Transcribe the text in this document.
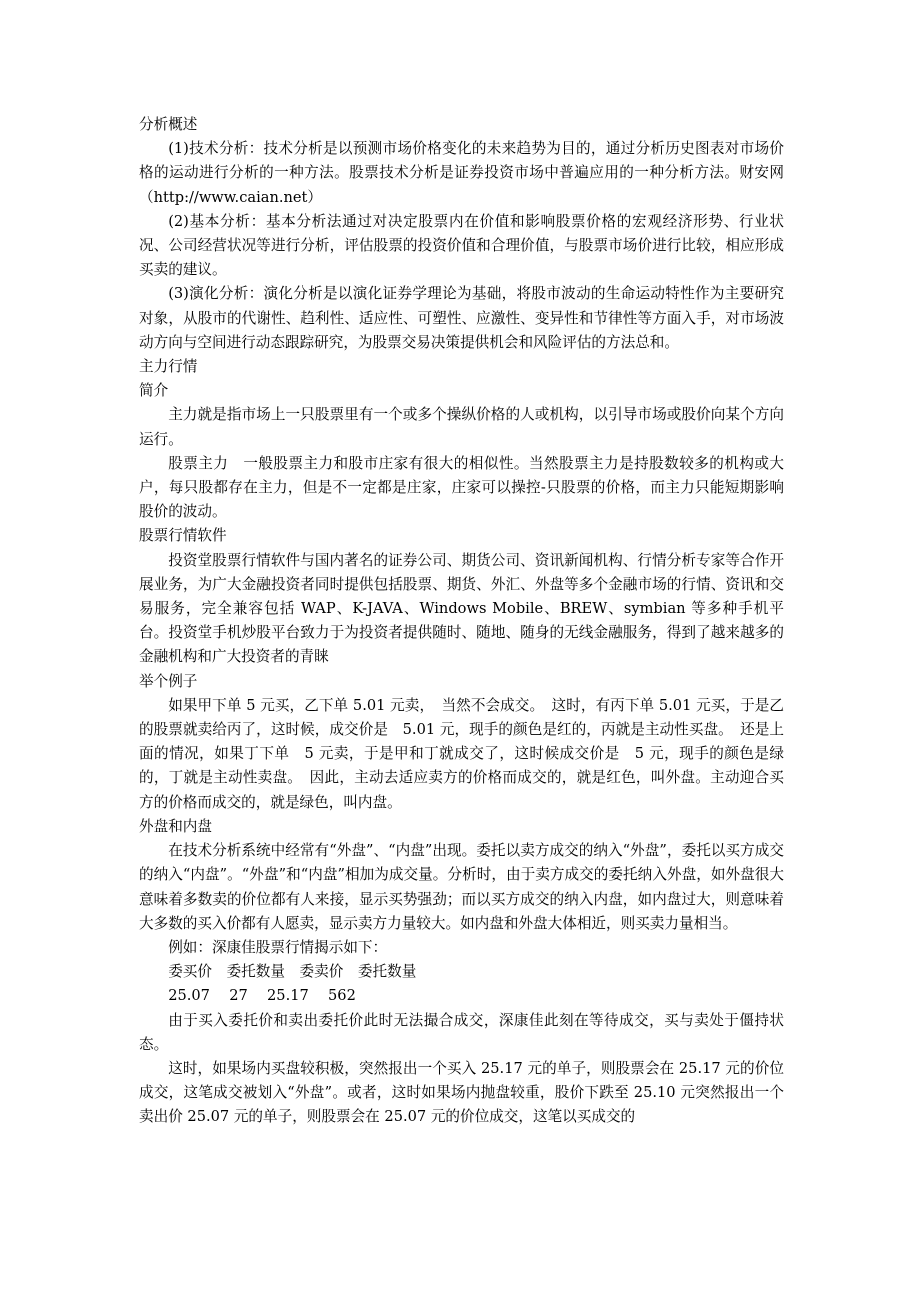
分析概述

(1)技术分析：技术分析是以预测市场价格变化的未来趋势为目的，通过分析历史图表对市场价格的运动进行分析的一种方法。股票技术分析是证券投资市场中普遍应用的一种分析方法。财安网（http://www.caian.net）

(2)基本分析：基本分析法通过对决定股票内在价值和影响股票价格的宏观经济形势、行业状况、公司经营状况等进行分析，评估股票的投资价值和合理价值，与股票市场价进行比较，相应形成买卖的建议。

(3)演化分析：演化分析是以演化证券学理论为基础，将股市波动的生命运动特性作为主要研究对象，从股市的代谢性、趋利性、适应性、可塑性、应激性、变异性和节律性等方面入手，对市场波动方向与空间进行动态跟踪研究，为股票交易决策提供机会和风险评估的方法总和。

主力行情
简介

主力就是指市场上一只股票里有一个或多个操纵价格的人或机构，以引导市场或股价向某个方向运行。

股票主力　一般股票主力和股市庄家有很大的相似性。当然股票主力是持股数较多的机构或大户，每只股都存在主力，但是不一定都是庄家，庄家可以操控-只股票的价格，而主力只能短期影响股价的波动。

股票行情软件

投资堂股票行情软件与国内著名的证券公司、期货公司、资讯新闻机构、行情分析专家等合作开展业务，为广大金融投资者同时提供包括股票、期货、外汇、外盘等多个金融市场的行情、资讯和交易服务，完全兼容包括 WAP、K-JAVA、Windows Mobile、BREW、symbian 等多种手机平台。投资堂手机炒股平台致力于为投资者提供随时、随地、随身的无线金融服务，得到了越来越多的金融机构和广大投资者的青睐

举个例子

如果甲下单 5 元买，乙下单 5.01 元卖，　当然不会成交。　这时，有丙下单 5.01 元买，于是乙的股票就卖给丙了，这时候，成交价是　5.01 元，现手的颜色是红的，丙就是主动性买盘。　还是上面的情况，如果丁下单　5 元卖，于是甲和丁就成交了，这时候成交价是　5 元，现手的颜色是绿的，丁就是主动性卖盘。　因此，主动去适应卖方的价格而成交的，就是红色，叫外盘。主动迎合买方的价格而成交的，就是绿色，叫内盘。

外盘和内盘

在技术分析系统中经常有“外盘”、“内盘”出现。委托以卖方成交的纳入“外盘”，委托以买方成交的纳入“内盘”。“外盘”和“内盘”相加为成交量。分析时，由于卖方成交的委托纳入外盘，如外盘很大意味着多数卖的价位都有人来接，显示买势强劲；而以买方成交的纳入内盘，如内盘过大，则意味着大多数的买入价都有人愿卖，显示卖方力量较大。如内盘和外盘大体相近，则买卖力量相当。

例如：深康佳股票行情揭示如下：

委买价　委托数量　委卖价　委托数量
25.07　 27　 25.17　 562

由于买入委托价和卖出委托价此时无法撮合成交，深康佳此刻在等待成交，买与卖处于僵持状态。

这时，如果场内买盘较积极，突然报出一个买入 25.17 元的单子，则股票会在 25.17 元的价位成交，这笔成交被划入“外盘”。或者，这时如果场内抛盘较重，股价下跌至 25.10 元突然报出一个卖出价 25.07 元的单子，则股票会在 25.07 元的价位成交，这笔以买成交的
